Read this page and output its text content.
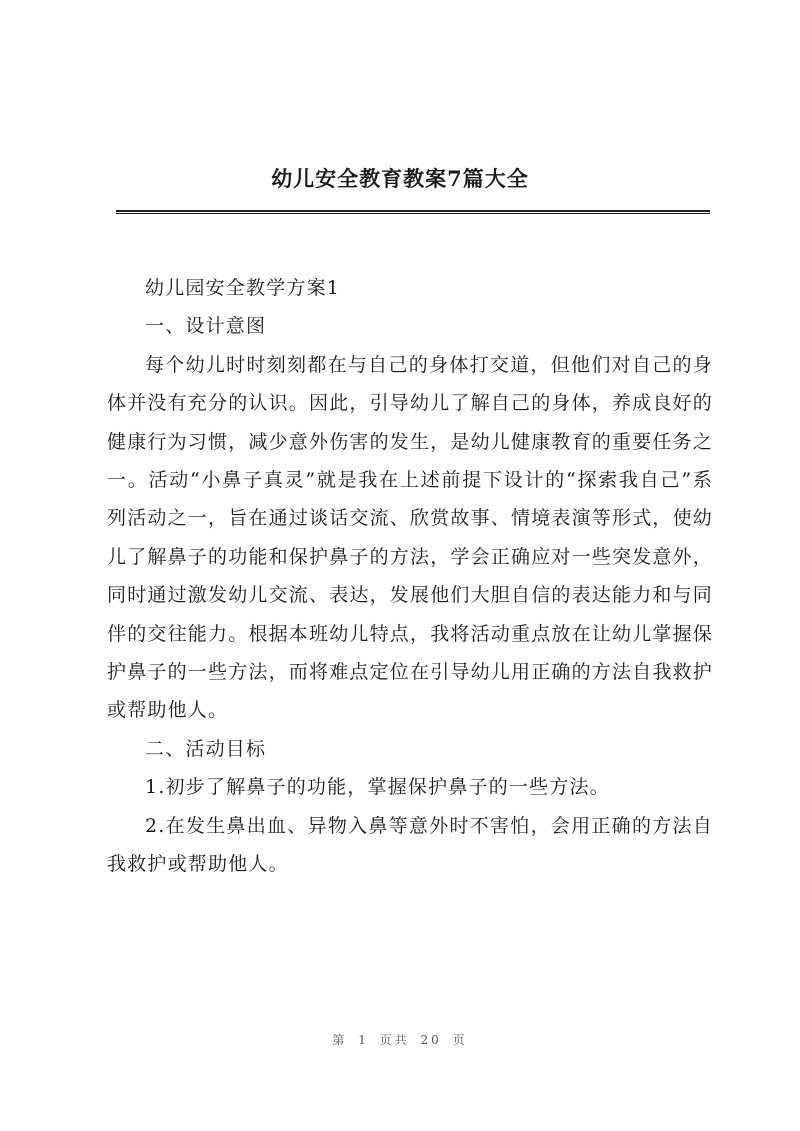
幼儿安全教育教案7篇大全

幼儿园安全教学方案1

一、设计意图

每个幼儿时时刻刻都在与自己的身体打交道，但他们对自己的身体并没有充分的认识。因此，引导幼儿了解自己的身体，养成良好的健康行为习惯，减少意外伤害的发生，是幼儿健康教育的重要任务之一。活动“小鼻子真灵”就是我在上述前提下设计的“探索我自己”系列活动之一，旨在通过谈话交流、欣赏故事、情境表演等形式，使幼儿了解鼻子的功能和保护鼻子的方法，学会正确应对一些突发意外，同时通过激发幼儿交流、表达，发展他们大胆自信的表达能力和与同伴的交往能力。根据本班幼儿特点，我将活动重点放在让幼儿掌握保护鼻子的一些方法，而将难点定位在引导幼儿用正确的方法自我救护或帮助他人。

二、活动目标

1.初步了解鼻子的功能，掌握保护鼻子的一些方法。

2.在发生鼻出血、异物入鼻等意外时不害怕，会用正确的方法自我救护或帮助他人。

第 1 页共 20 页
